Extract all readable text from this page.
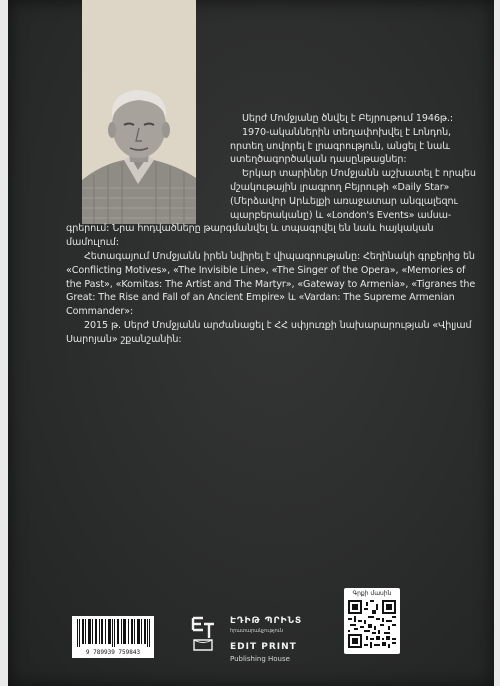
Սերժ Մոմջյանը ծնվել է Բեյրութում 1946թ.:

1970-ականներին տեղափոխվել է Լոնդոն, որտեղ սովորել է լրագրություն, անցել է նաև ստեղծագործական դասընթացներ:

Երկար տարիներ Մոմջյանն աշխատել է որպես մշակութային լրագրող Բեյրութի «Daily Star» (Մերձավոր Արևելքի առաջատար անգլալեզու պարբերականը) և «London's Events» ամսա-

գրերում: Նրա հոդվածները թարգմանվել և տպագրվել են նաև հայկական մամուլում:

Հետագայում Մոմջյանն իրեն նվիրել է վիպագրությանը: Հեղինակի գրքերից են «Conflicting Motives», «The Invisible Line», «The Singer of the Opera», «Memories of the Past», «Komitas: The Artist and The Martyr», «Gateway to Armenia», «Tigranes the Great: The Rise and Fall of an Ancient Empire» և «Vardan: The Supreme Armenian Commander»:

2015 թ. Սերժ Մոմջյանն արժանացել է ՀՀ սփյուռքի նախարարության «Վիլյամ Սարոյան» շքանշանին:

9 789939 759843
ԷԴԻԹ ՊՐԻՆՏ
հրատարակչություն
EDIT PRINT
Publishing House
Գրքի մասին
